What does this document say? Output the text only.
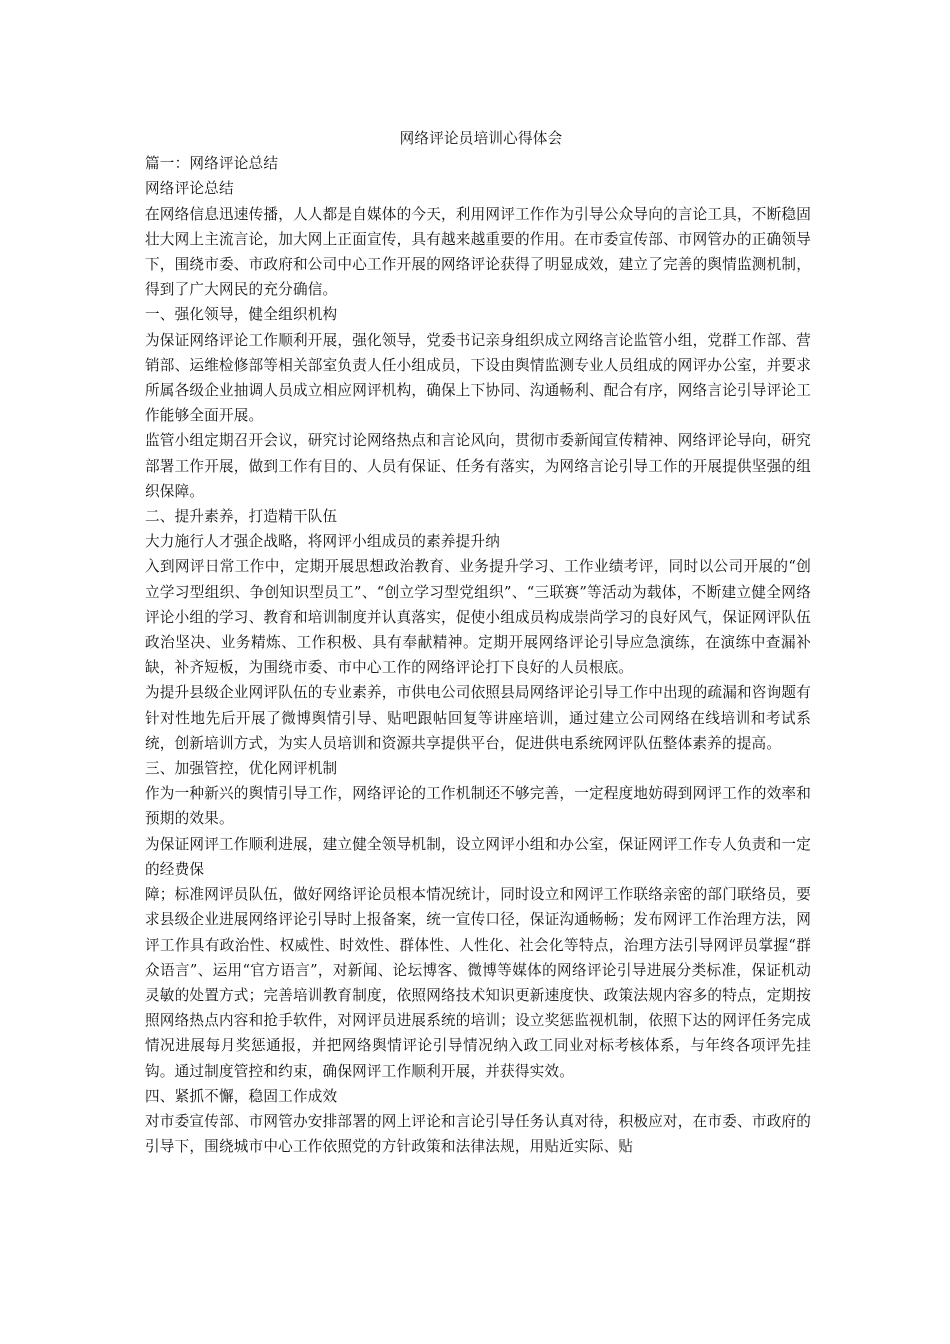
网络评论员培训心得体会

篇一：网络评论总结

网络评论总结

在网络信息迅速传播，人人都是自媒体的今天，利用网评工作作为引导公众导向的言论工具，不断稳固壮大网上主流言论，加大网上正面宣传，具有越来越重要的作用。在市委宣传部、市网管办的正确领导下，围绕市委、市政府和公司中心工作开展的网络评论获得了明显成效，建立了完善的舆情监测机制，得到了广大网民的充分确信。

一、强化领导，健全组织机构

为保证网络评论工作顺利开展，强化领导，党委书记亲身组织成立网络言论监管小组，党群工作部、营销部、运维检修部等相关部室负责人任小组成员，下设由舆情监测专业人员组成的网评办公室，并要求所属各级企业抽调人员成立相应网评机构，确保上下协同、沟通畅利、配合有序，网络言论引导评论工作能够全面开展。

监管小组定期召开会议，研究讨论网络热点和言论风向，贯彻市委新闻宣传精神、网络评论导向，研究部署工作开展，做到工作有目的、人员有保证、任务有落实，为网络言论引导工作的开展提供坚强的组织保障。

二、提升素养，打造精干队伍

大力施行人才强企战略，将网评小组成员的素养提升纳

入到网评日常工作中，定期开展思想政治教育、业务提升学习、工作业绩考评，同时以公司开展的“创立学习型组织、争创知识型员工”、“创立学习型党组织”、“三联赛”等活动为载体，不断建立健全网络评论小组的学习、教育和培训制度并认真落实，促使小组成员构成崇尚学习的良好风气，保证网评队伍政治坚决、业务精炼、工作积极、具有奉献精神。定期开展网络评论引导应急演练，在演练中查漏补缺，补齐短板，为围绕市委、市中心工作的网络评论打下良好的人员根底。

为提升县级企业网评队伍的专业素养，市供电公司依照县局网络评论引导工作中出现的疏漏和咨询题有针对性地先后开展了微博舆情引导、贴吧跟帖回复等讲座培训，通过建立公司网络在线培训和考试系统，创新培训方式，为实人员培训和资源共享提供平台，促进供电系统网评队伍整体素养的提高。

三、加强管控，优化网评机制

作为一种新兴的舆情引导工作，网络评论的工作机制还不够完善，一定程度地妨碍到网评工作的效率和预期的效果。

为保证网评工作顺利进展，建立健全领导机制，设立网评小组和办公室，保证网评工作专人负责和一定的经费保

障；标准网评员队伍，做好网络评论员根本情况统计，同时设立和网评工作联络亲密的部门联络员，要求县级企业进展网络评论引导时上报备案，统一宣传口径，保证沟通畅畅；发布网评工作治理方法，网评工作具有政治性、权威性、时效性、群体性、人性化、社会化等特点，治理方法引导网评员掌握“群众语言”、运用“官方语言”，对新闻、论坛博客、微博等媒体的网络评论引导进展分类标准，保证机动灵敏的处置方式；完善培训教育制度，依照网络技术知识更新速度快、政策法规内容多的特点，定期按照网络热点内容和抢手软件，对网评员进展系统的培训；设立奖惩监视机制，依照下达的网评任务完成情况进展每月奖惩通报，并把网络舆情评论引导情况纳入政工同业对标考核体系，与年终各项评先挂钩。通过制度管控和约束，确保网评工作顺利开展，并获得实效。

四、紧抓不懈，稳固工作成效

对市委宣传部、市网管办安排部署的网上评论和言论引导任务认真对待，积极应对，在市委、市政府的引导下，围绕城市中心工作依照党的方针政策和法律法规，用贴近实际、贴
